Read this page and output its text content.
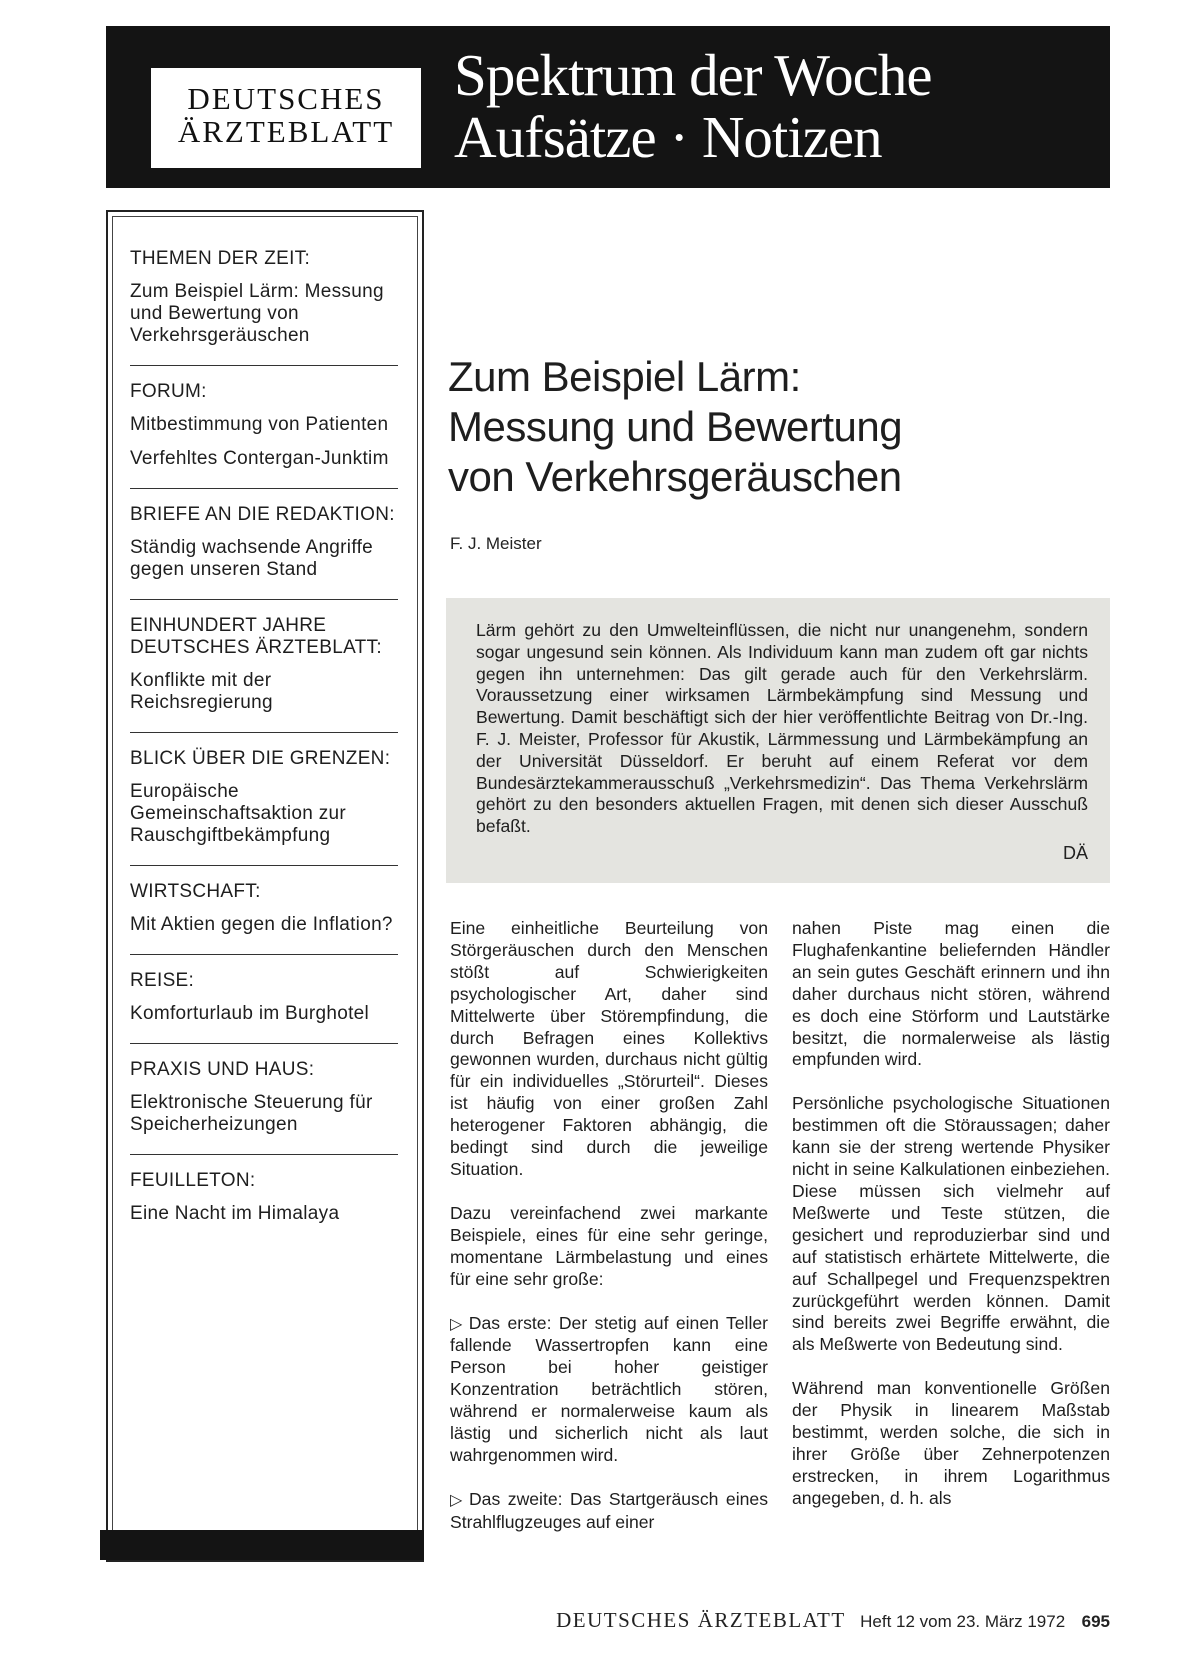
DEUTSCHES
ÄRZTEBLATT
Spektrum der Woche
Aufsätze · Notizen
THEMEN DER ZEIT:
Zum Beispiel Lärm: Messung und Bewertung von Verkehrsgeräuschen
FORUM:
Mitbestimmung von Patienten
Verfehltes Contergan-Junktim
BRIEFE AN DIE REDAKTION:
Ständig wachsende Angriffe gegen unseren Stand
EINHUNDERT JAHRE DEUTSCHES ÄRZTEBLATT:
Konflikte mit der Reichsregierung
BLICK ÜBER DIE GRENZEN:
Europäische Gemeinschaftsaktion zur Rauschgiftbekämpfung
WIRTSCHAFT:
Mit Aktien gegen die Inflation?
REISE:
Komforturlaub im Burghotel
PRAXIS UND HAUS:
Elektronische Steuerung für Speicherheizungen
FEUILLETON:
Eine Nacht im Himalaya
Zum Beispiel Lärm:
Messung und Bewertung
von Verkehrsgeräuschen
F. J. Meister
Lärm gehört zu den Umwelteinflüssen, die nicht nur unangenehm, sondern sogar ungesund sein können. Als Individuum kann man zudem oft gar nichts gegen ihn unternehmen: Das gilt gerade auch für den Verkehrslärm. Voraussetzung einer wirksamen Lärmbekämpfung sind Messung und Bewertung. Damit beschäftigt sich der hier veröffentlichte Beitrag von Dr.-Ing. F. J. Meister, Professor für Akustik, Lärmmessung und Lärmbekämpfung an der Universität Düsseldorf. Er beruht auf einem Referat vor dem Bundesärztekammerausschuß „Verkehrsmedizin“. Das Thema Verkehrslärm gehört zu den besonders aktuellen Fragen, mit denen sich dieser Ausschuß befaßt.
DÄ

Eine einheitliche Beurteilung von Störgeräuschen durch den Menschen stößt auf Schwierigkeiten psychologischer Art, daher sind Mittelwerte über Störempfindung, die durch Befragen eines Kollektivs gewonnen wurden, durchaus nicht gültig für ein individuelles „Störurteil“. Dieses ist häufig von einer großen Zahl heterogener Faktoren abhängig, die bedingt sind durch die jeweilige Situation.

Dazu vereinfachend zwei markante Beispiele, eines für eine sehr geringe, momentane Lärmbelastung und eines für eine sehr große:

▷ Das erste: Der stetig auf einen Teller fallende Wassertropfen kann eine Person bei hoher geistiger Konzentration beträchtlich stören, während er normalerweise kaum als lästig und sicherlich nicht als laut wahrgenommen wird.

▷ Das zweite: Das Startgeräusch eines Strahlflugzeuges auf einer

nahen Piste mag einen die Flughafenkantine beliefernden Händler an sein gutes Geschäft erinnern und ihn daher durchaus nicht stören, während es doch eine Störform und Lautstärke besitzt, die normalerweise als lästig empfunden wird.

Persönliche psychologische Situationen bestimmen oft die Störaussagen; daher kann sie der streng wertende Physiker nicht in seine Kalkulationen einbeziehen. Diese müssen sich vielmehr auf Meßwerte und Teste stützen, die gesichert und reproduzierbar sind und auf statistisch erhärtete Mittelwerte, die auf Schallpegel und Frequenzspektren zurückgeführt werden können. Damit sind bereits zwei Begriffe erwähnt, die als Meßwerte von Bedeutung sind.

Während man konventionelle Größen der Physik in linearem Maßstab bestimmt, werden solche, die sich in ihrer Größe über Zehnerpotenzen erstrecken, in ihrem Logarithmus angegeben, d. h. als

DEUTSCHES ÄRZTEBLATT Heft 12 vom 23. März 1972 695
